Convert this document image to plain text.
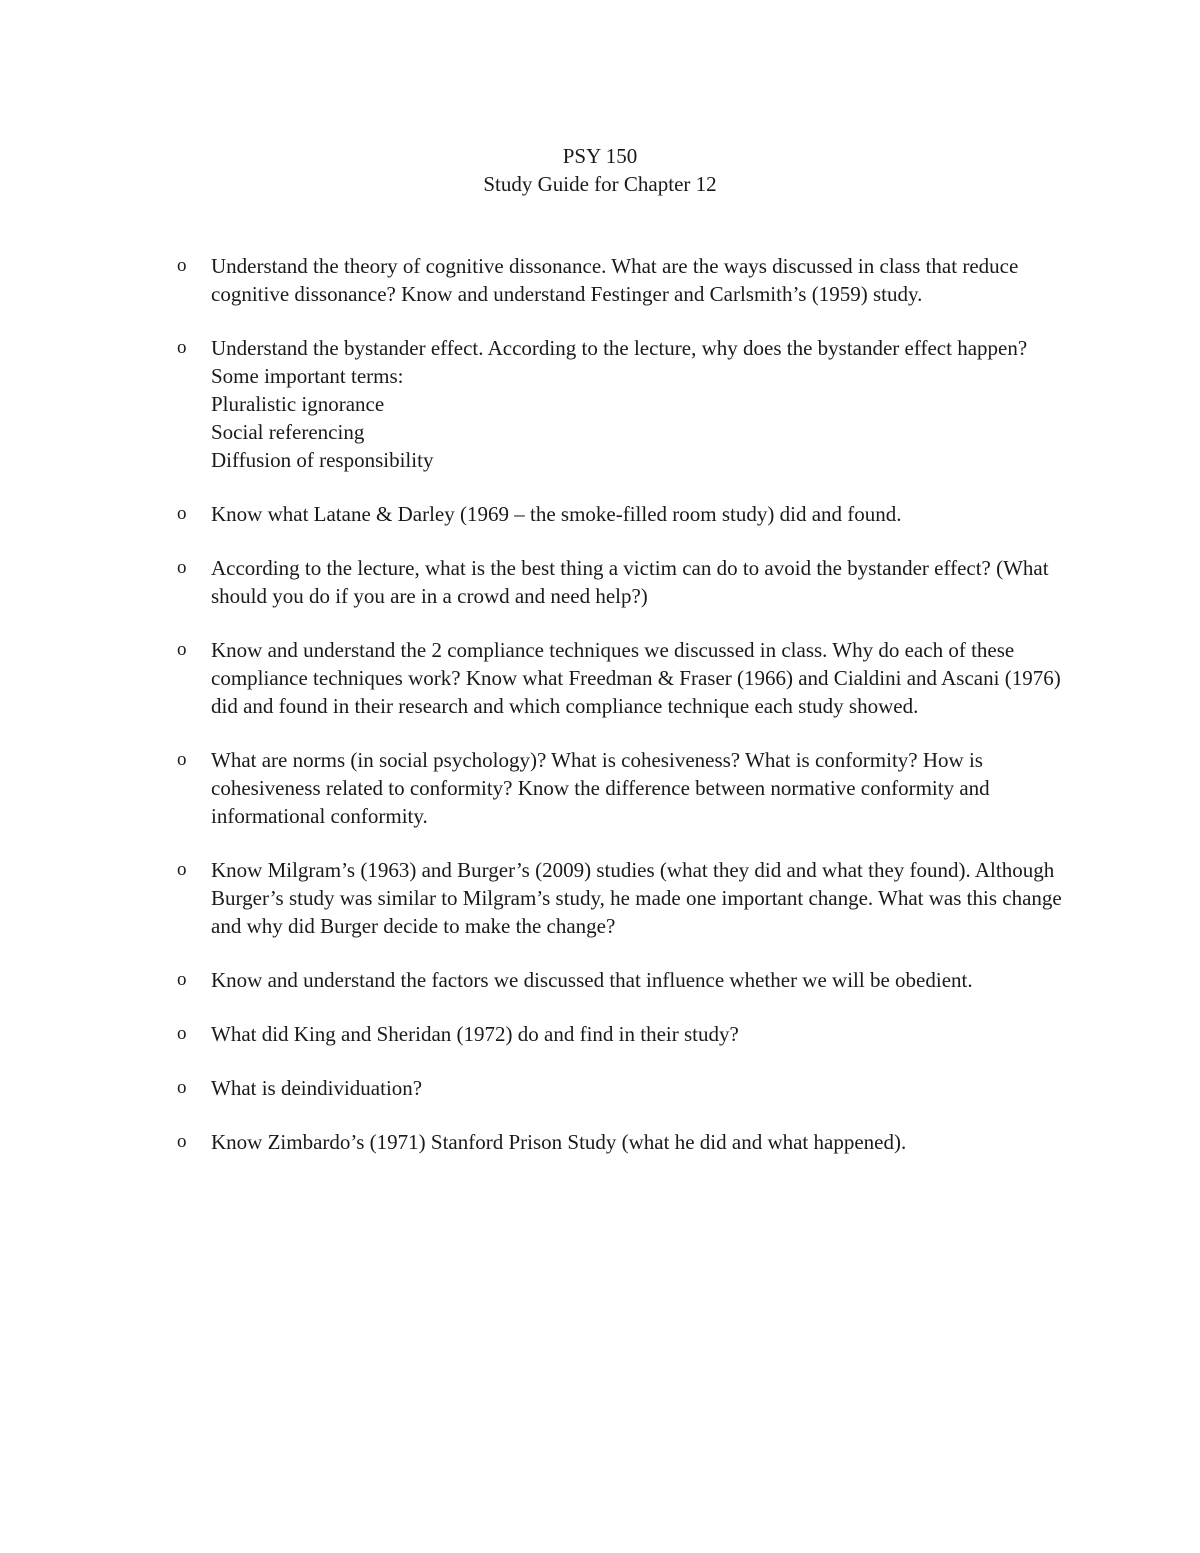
PSY 150
Study Guide for Chapter 12
o Understand the theory of cognitive dissonance. What are the ways discussed in class that reduce cognitive dissonance? Know and understand Festinger and Carlsmith’s (1959) study.
o Understand the bystander effect. According to the lecture, why does the bystander effect happen? Some important terms:
Pluralistic ignorance
Social referencing
Diffusion of responsibility
o Know what Latane & Darley (1969 – the smoke-filled room study) did and found.
o According to the lecture, what is the best thing a victim can do to avoid the bystander effect? (What should you do if you are in a crowd and need help?)
o Know and understand the 2 compliance techniques we discussed in class. Why do each of these compliance techniques work? Know what Freedman & Fraser (1966) and Cialdini and Ascani (1976) did and found in their research and which compliance technique each study showed.
o What are norms (in social psychology)? What is cohesiveness? What is conformity? How is cohesiveness related to conformity? Know the difference between normative conformity and informational conformity.
o Know Milgram’s (1963) and Burger’s (2009) studies (what they did and what they found). Although Burger’s study was similar to Milgram’s study, he made one important change. What was this change and why did Burger decide to make the change?
o Know and understand the factors we discussed that influence whether we will be obedient.
o What did King and Sheridan (1972) do and find in their study?
o What is deindividuation?
o Know Zimbardo’s (1971) Stanford Prison Study (what he did and what happened).
